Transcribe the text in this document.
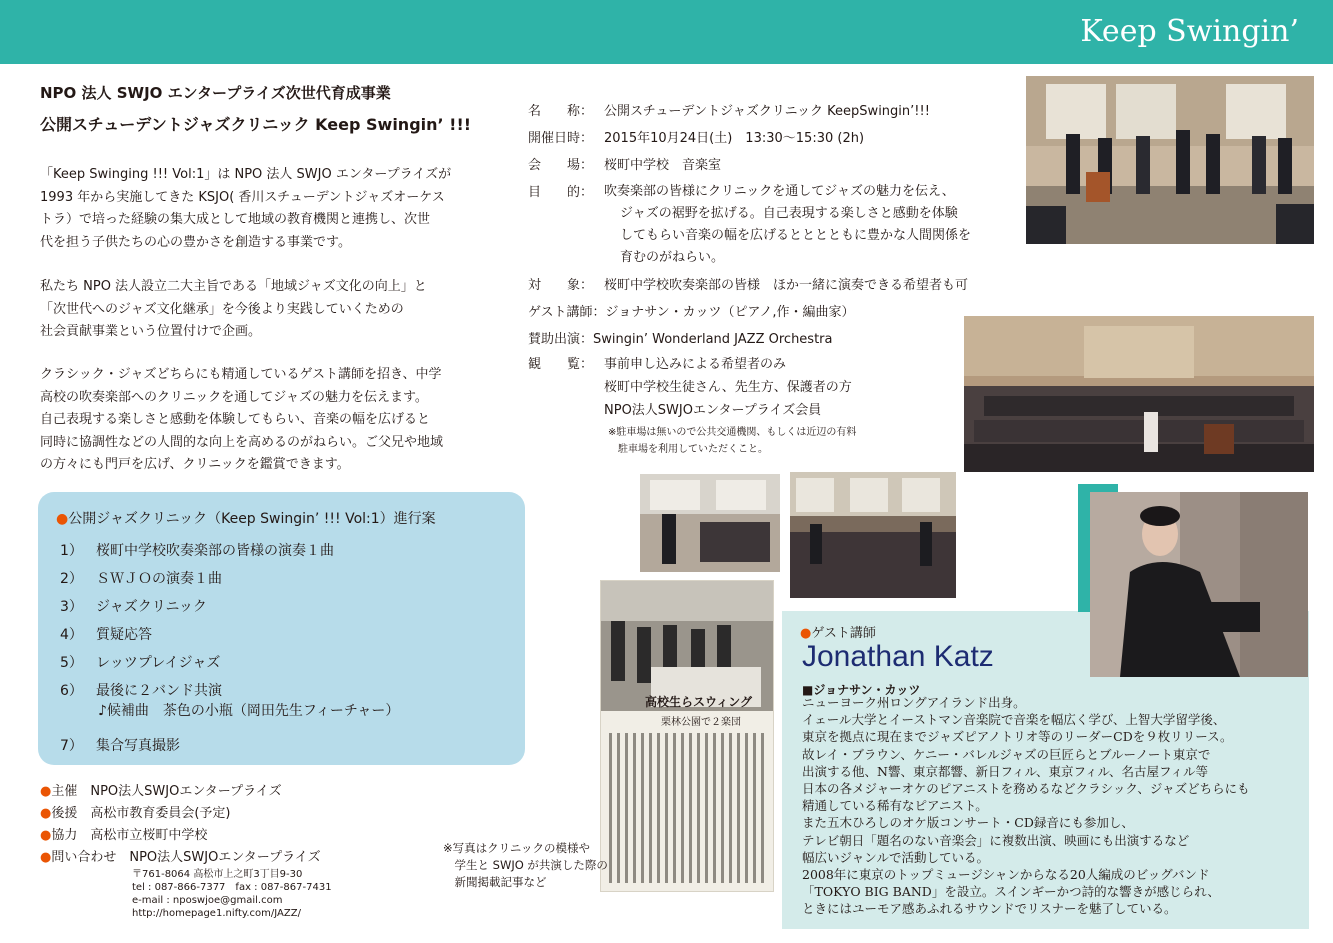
Keep Swingin’
NPO 法人 SWJO エンタープライズ次世代育成事業
公開スチューデントジャズクリニック Keep Swingin’ !!!
「Keep Swinging !!! Vol:1」は NPO 法人 SWJO エンタープライズが
1993 年から実施してきた KSJO( 香川スチューデントジャズオーケス
トラ）で培った経験の集大成として地域の教育機関と連携し、次世
代を担う子供たちの心の豊かさを創造する事業です。
私たち NPO 法人設立二大主旨である「地域ジャズ文化の向上」と
「次世代へのジャズ文化継承」を今後より実践していくための
社会貢献事業という位置付けで企画。
クラシック・ジャズどちらにも精通しているゲスト講師を招き、中学
高校の吹奏楽部へのクリニックを通してジャズの魅力を伝えます。
自己表現する楽しさと感動を体験してもらい、音楽の幅を広げると
同時に協調性などの人間的な向上を高めるのがねらい。ご父兄や地域
の方々にも門戸を広げ、クリニックを鑑賞できます。
●公開ジャズクリニック（Keep Swingin’ !!! Vol:1）進行案
1） 桜町中学校吹奏楽部の皆様の演奏１曲
2） ＳＷＪＯの演奏１曲
3） ジャズクリニック
4） 質疑応答
5） レッツプレイジャズ
6） 最後に２バンド共演
♪候補曲　茶色の小瓶（岡田先生フィーチャー）
7） 集合写真撮影
●主催　NPO法人SWJOエンタープライズ
●後援　高松市教育委員会(予定)
●協力　高松市立桜町中学校
●問い合わせ　NPO法人SWJOエンタープライズ
〒761-8064 高松市上之町3丁目9-30
tel : 087-866-7377　fax : 087-867-7431
e-mail : nposwjoe@gmail.com
http://homepage1.nifty.com/JAZZ/
名　　称： 公開スチューデントジャズクリニック KeepSwingin’!!!
開催日時： 2015年10月24日(土)　13:30〜15:30 (2h)
会　　場： 桜町中学校　音楽室
目　　的： 吹奏楽部の皆様にクリニックを通してジャズの魅力を伝え、
ジャズの裾野を拡げる。自己表現する楽しさと感動を体験
してもらい音楽の幅を広げるとととともに豊かな人間関係を
育むのがねらい。
対　　象： 桜町中学校吹奏楽部の皆様　ほか一緒に演奏できる希望者も可
ゲスト講師：ジョナサン・カッツ（ピアノ,作・編曲家）
賛助出演：Swingin’ Wonderland JAZZ Orchestra
観　　覧： 事前申し込みによる希望者のみ
桜町中学校生徒さん、先生方、保護者の方
NPO法人SWJOエンタープライズ会員
※駐車場は無いので公共交通機関、もしくは近辺の有料
　駐車場を利用していただくこと。
高校生らスウィング
栗林公園で２楽団
※写真はクリニックの模様や
　学生と SWJO が共演した際の
　新聞掲載記事など
●ゲスト講師
Jonathan Katz
■ジョナサン・カッツ
ニューヨーク州ロングアイランド出身。
イェール大学とイーストマン音楽院で音楽を幅広く学び、上智大学留学後、
東京を拠点に現在までジャズピアノトリオ等のリーダーCDを９枚リリース。
故レイ・ブラウン、ケニー・バレルジャズの巨匠らとブルーノート東京で
出演する他、N響、東京都響、新日フィル、東京フィル、名古屋フィル等
日本の各メジャーオケのピアニストを務めるなどクラシック、ジャズどちらにも
精通している稀有なピアニスト。
また五木ひろしのオケ版コンサート・CD録音にも参加し、
テレビ朝日「題名のない音楽会」に複数出演、映画にも出演するなど
幅広いジャンルで活動している。
2008年に東京のトップミュージシャンからなる20人編成のビッグバンド
「TOKYO BIG BAND」を設立。スインギーかつ詩的な響きが感じられ、
ときにはユーモア感あふれるサウンドでリスナーを魅了している。
